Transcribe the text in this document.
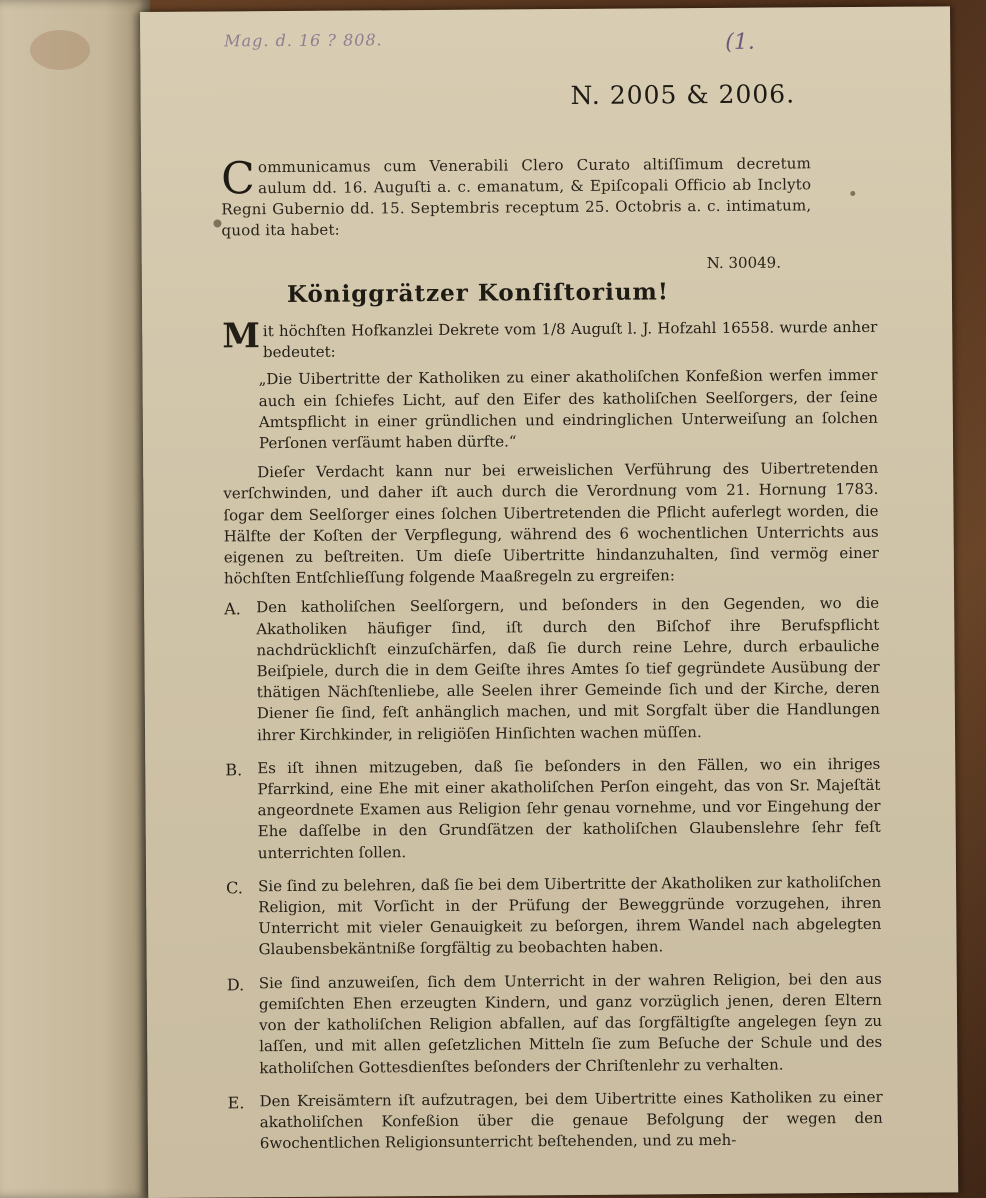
Mag. d. 16 ? 808.	(1.
N. 2005 & 2006.
C ommunicamus cum Venerabili Clero Curato altiſſimum decretum aulum dd. 16. Auguſti a. c. emanatum, & Epiſcopali Officio ab Inclyto Regni Gubernio dd. 15. Septembris receptum 25. Octobris a. c. intimatum, quod ita habet:
N. 30049.
Königgrätzer Konſiſtorium!

M it höchſten Hofkanzlei Dekrete vom 1/8 Auguſt l. J. Hofzahl 16558. wurde anher bedeutet:

„Die Uibertritte der Katholiken zu einer akatholiſchen Konfeßion werfen immer auch ein ſchiefes Licht, auf den Eifer des katholiſchen Seelſorgers, der ſeine Amtspflicht in einer gründlichen und eindringlichen Unterweiſung an ſolchen Perſonen verſäumt haben dürfte.“

Dieſer Verdacht kann nur bei erweislichen Verführung des Uibertretenden verſchwinden, und daher iſt auch durch die Verordnung vom 21. Hornung 1783. ſogar dem Seelſorger eines ſolchen Uibertretenden die Pflicht auferlegt worden, die Hälfte der Koſten der Verpflegung, während des 6 wochentlichen Unterrichts aus eigenen zu beſtreiten. Um dieſe Uibertritte hindanzuhalten, ſind vermög einer höchſten Entſchlieſſung folgende Maaßregeln zu ergreifen:

A.	Den katholiſchen Seelſorgern, und beſonders in den Gegenden, wo die Akatholiken häufiger ſind, iſt durch den Biſchof ihre Berufspflicht nachdrücklichſt einzuſchärfen, daß ſie durch reine Lehre, durch erbauliche Beiſpiele, durch die in dem Geiſte ihres Amtes ſo tief gegründete Ausübung der thätigen Nächſtenliebe, alle Seelen ihrer Gemeinde ſich und der Kirche, deren Diener ſie ſind, feſt anhänglich machen, und mit Sorgfalt über die Handlungen ihrer Kirchkinder, in religiöſen Hinſichten wachen müſſen.
B.	Es iſt ihnen mitzugeben, daß ſie beſonders in den Fällen, wo ein ihriges Pfarrkind, eine Ehe mit einer akatholiſchen Perſon eingeht, das von Sr. Majeſtät angeordnete Examen aus Religion ſehr genau vornehme, und vor Eingehung der Ehe daſſelbe in den Grundſätzen der katholiſchen Glaubenslehre ſehr feſt unterrichten ſollen.
C.	Sie ſind zu belehren, daß ſie bei dem Uibertritte der Akatholiken zur katholiſchen Religion, mit Vorſicht in der Prüfung der Beweggründe vorzugehen, ihren Unterricht mit vieler Genauigkeit zu beſorgen, ihrem Wandel nach abgelegten Glaubensbekäntniße ſorgfältig zu beobachten haben.
D. Sie ſind anzuweiſen, ſich dem Unterricht in der wahren Religion, bei den aus gemiſchten Ehen erzeugten Kindern, und ganz vorzüglich jenen, deren Eltern von der katholiſchen Religion abfallen, auf das ſorgfältigſte angelegen ſeyn zu laſſen, und mit allen geſetzlichen Mitteln ſie zum Beſuche der Schule und des katholiſchen Gottesdienſtes beſonders der Chriſtenlehr zu verhalten.
E.	Den Kreisämtern iſt aufzutragen, bei dem Uibertritte eines Katholiken zu einer akatholiſchen Konfeßion über die genaue Befolgung der wegen den 6wochentlichen Religionsunterricht beſtehenden, und zu meh-
